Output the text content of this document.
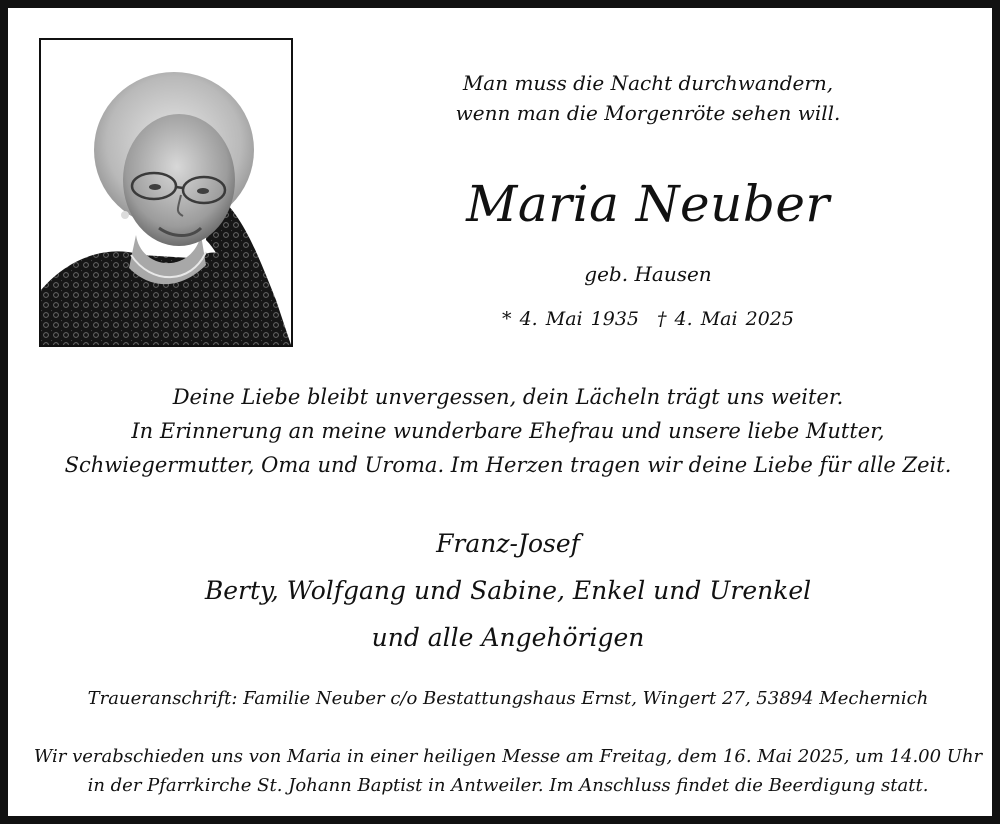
Man muss die Nacht durchwandern,
wenn man die Morgenröte sehen will.
Maria Neuber
geb. Hausen
* 4. Mai 1935 † 4. Mai 2025
Deine Liebe bleibt unvergessen, dein Lächeln trägt uns weiter.
In Erinnerung an meine wunderbare Ehefrau und unsere liebe Mutter,
Schwiegermutter, Oma und Uroma. Im Herzen tragen wir deine Liebe für alle Zeit.
Franz-Josef
Berty, Wolfgang und Sabine, Enkel und Urenkel
und alle Angehörigen
Traueranschrift: Familie Neuber c/o Bestattungshaus Ernst, Wingert 27, 53894 Mechernich
Wir verabschieden uns von Maria in einer heiligen Messe am Freitag, dem 16. Mai 2025, um 14.00 Uhr
in der Pfarrkirche St. Johann Baptist in Antweiler. Im Anschluss findet die Beerdigung statt.
